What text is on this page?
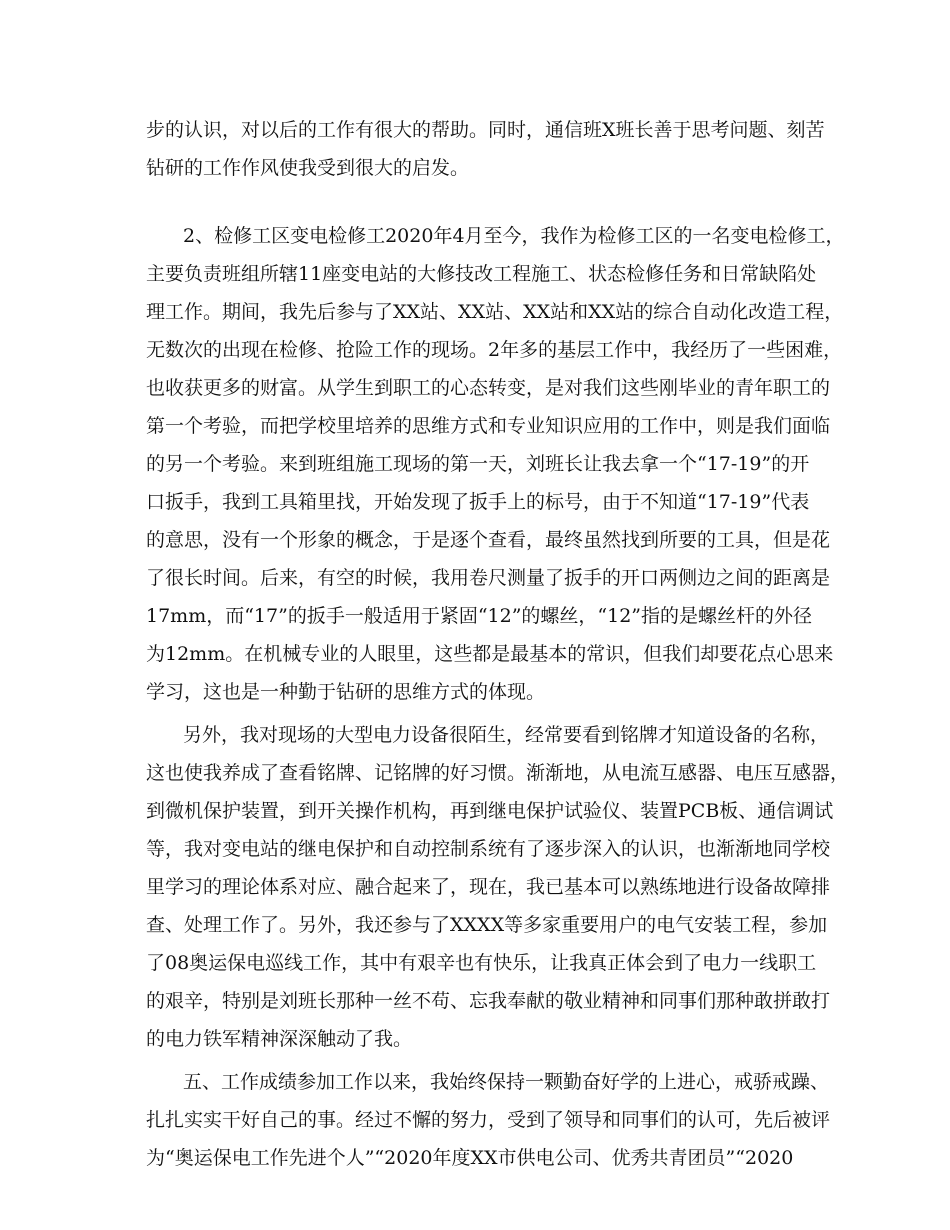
步的认识，对以后的工作有很大的帮助。同时，通信班X班长善于思考问题、刻苦
钻研的工作作风使我受到很大的启发。
2、检修工区变电检修工2020年4月至今，我作为检修工区的一名变电检修工，
主要负责班组所辖11座变电站的大修技改工程施工、状态检修任务和日常缺陷处
理工作。期间，我先后参与了XX站、XX站、XX站和XX站的综合自动化改造工程，
无数次的出现在检修、抢险工作的现场。2年多的基层工作中，我经历了一些困难，
也收获更多的财富。从学生到职工的心态转变，是对我们这些刚毕业的青年职工的
第一个考验，而把学校里培养的思维方式和专业知识应用的工作中，则是我们面临
的另一个考验。来到班组施工现场的第一天，刘班长让我去拿一个“17-19”的开
口扳手，我到工具箱里找，开始发现了扳手上的标号，由于不知道“17-19”代表
的意思，没有一个形象的概念，于是逐个查看，最终虽然找到所要的工具，但是花
了很长时间。后来，有空的时候，我用卷尺测量了扳手的开口两侧边之间的距离是
17mm，而“17”的扳手一般适用于紧固“12”的螺丝，“12”指的是螺丝杆的外径
为12mm。在机械专业的人眼里，这些都是最基本的常识，但我们却要花点心思来
学习，这也是一种勤于钻研的思维方式的体现。
另外，我对现场的大型电力设备很陌生，经常要看到铭牌才知道设备的名称，
这也使我养成了查看铭牌、记铭牌的好习惯。渐渐地，从电流互感器、电压互感器，
到微机保护装置，到开关操作机构，再到继电保护试验仪、装置PCB板、通信调试
等，我对变电站的继电保护和自动控制系统有了逐步深入的认识，也渐渐地同学校
里学习的理论体系对应、融合起来了，现在，我已基本可以熟练地进行设备故障排
查、处理工作了。另外，我还参与了XXXX等多家重要用户的电气安装工程，参加
了08奥运保电巡线工作，其中有艰辛也有快乐，让我真正体会到了电力一线职工
的艰辛，特别是刘班长那种一丝不苟、忘我奉献的敬业精神和同事们那种敢拼敢打
的电力铁军精神深深触动了我。
五、工作成绩参加工作以来，我始终保持一颗勤奋好学的上进心，戒骄戒躁、
扎扎实实干好自己的事。经过不懈的努力，受到了领导和同事们的认可，先后被评
为“奥运保电工作先进个人”“2020年度XX市供电公司、优秀共青团员”“2020
